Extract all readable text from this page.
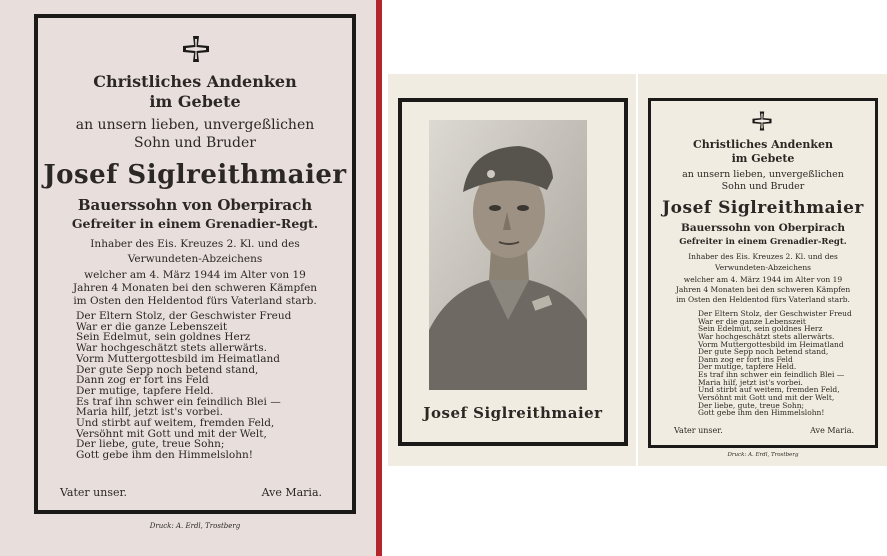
Christliches Andenken
im Gebete
an unsern lieben, unvergeßlichen
Sohn und Bruder
Josef Siglreithmaier
Bauerssohn von Oberpirach
Gefreiter in einem Grenadier-Regt.
Inhaber des Eis. Kreuzes 2. Kl. und des
Verwundeten-Abzeichens
welcher am 4. März 1944 im Alter von 19
Jahren 4 Monaten bei den schweren Kämpfen
im Osten den Heldentod fürs Vaterland starb.
Der Eltern Stolz, der Geschwister Freud
War er die ganze Lebenszeit
Sein Edelmut, sein goldnes Herz
War hochgeschätzt stets allerwärts.
Vorm Muttergottesbild im Heimatland
Der gute Sepp noch betend stand,
Dann zog er fort ins Feld
Der mutige, tapfere Held.
Es traf ihn schwer ein feindlich Blei —
Maria hilf, jetzt ist's vorbei.
Und stirbt auf weitem, fremden Feld,
Versöhnt mit Gott und mit der Welt,
Der liebe, gute, treue Sohn;
Gott gebe ihm den Himmelslohn!
Vater unser.	Ave Maria.
Druck: A. Erdl, Trostberg
Josef Siglreithmaier
Christliches Andenken
im Gebete
an unsern lieben, unvergeßlichen
Sohn und Bruder
Josef Siglreithmaier
Bauerssohn von Oberpirach
Gefreiter in einem Grenadier-Regt.
Inhaber des Eis. Kreuzes 2. Kl. und des
Verwundeten-Abzeichens
welcher am 4. März 1944 im Alter von 19
Jahren 4 Monaten bei den schweren Kämpfen
im Osten den Heldentod fürs Vaterland starb.
Der Eltern Stolz, der Geschwister Freud
War er die ganze Lebenszeit
Sein Edelmut, sein goldnes Herz
War hochgeschätzt stets allerwärts.
Vorm Muttergottesbild im Heimatland
Der gute Sepp noch betend stand,
Dann zog er fort ins Feld
Der mutige, tapfere Held.
Es traf ihn schwer ein feindlich Blei —
Maria hilf, jetzt ist's vorbei.
Und stirbt auf weitem, fremden Feld,
Versöhnt mit Gott und mit der Welt,
Der liebe, gute, treue Sohn;
Gott gebe ihm den Himmelslohn!
Vater unser.	Ave Maria.
Druck: A. Erdl, Trostberg
